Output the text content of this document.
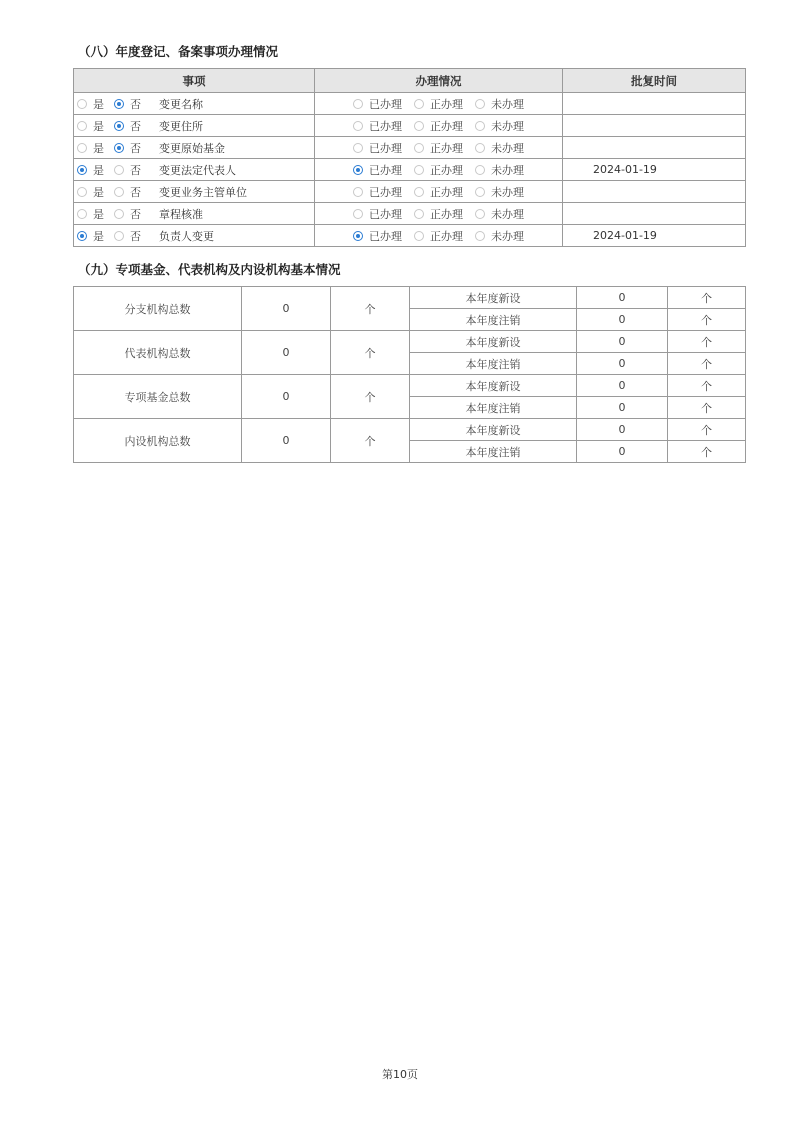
（八）年度登记、备案事项办理情况
事项	办理情况	批复时间

是 否 变更名称	已办理 正办理 未办理	

是 否 变更住所	已办理 正办理 未办理	

是 否 变更原始基金	已办理 正办理 未办理	

是 否 变更法定代表人	已办理 正办理 未办理	2024-01-19

是 否 变更业务主管单位	已办理 正办理 未办理	

是 否 章程核准	已办理 正办理 未办理	

是 否 负责人变更	已办理 正办理 未办理	2024-01-19
（九）专项基金、代表机构及内设机构基本情况
分支机构总数	0	个	本年度新设	0	个
			本年度注销	0	个
代表机构总数	0	个	本年度新设	0	个
			本年度注销	0	个
专项基金总数	0	个	本年度新设	0	个
			本年度注销	0	个
内设机构总数	0	个	本年度新设	0	个
			本年度注销	0	个
第10页
